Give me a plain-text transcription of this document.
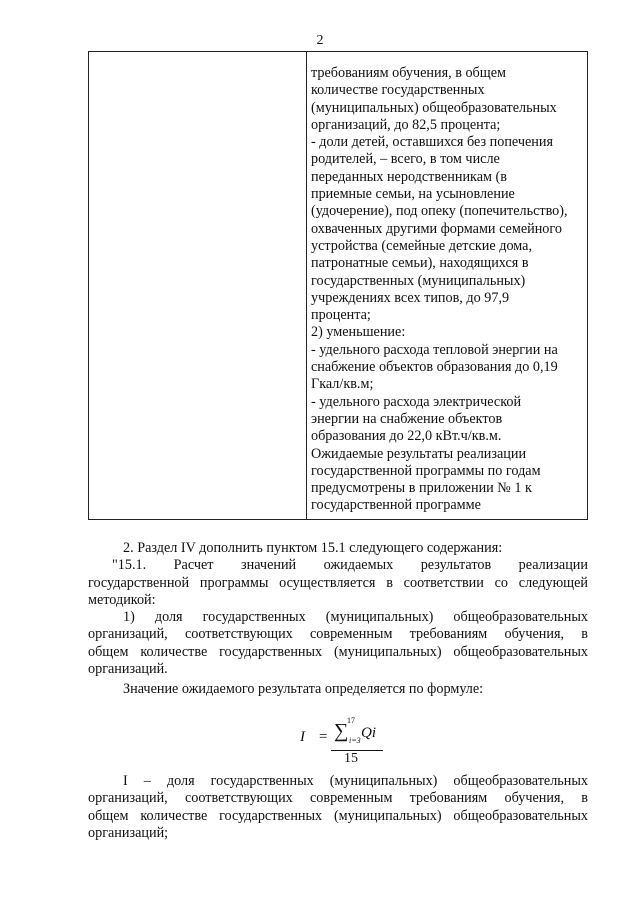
2
требованиям обучения, в общем
количестве государственных
(муниципальных) общеобразовательных
организаций, до 82,5 процента;
- доли детей, оставшихся без попечения
родителей, – всего, в том числе
переданных неродственникам (в
приемные семьи, на усыновление
(удочерение), под опеку (попечительство),
охваченных другими формами семейного
устройства (семейные детские дома,
патронатные семьи), находящихся в
государственных (муниципальных)
учреждениях всех типов, до 97,9
процента;
2) уменьшение:
- удельного расхода тепловой энергии на
снабжение объектов образования до 0,19
Гкал/кв.м;
- удельного расхода электрической
энергии на снабжение объектов
образования до 22,0 кВт.ч/кв.м.
Ожидаемые результаты реализации
государственной программы по годам
предусмотрены в приложении № 1 к
государственной программе
2. Раздел IV дополнить пунктом 15.1 следующего содержания:
"15.1. Расчет значений ожидаемых результатов реализации
государственной программы осуществляется в соответствии со следующей
методикой:
1) доля государственных (муниципальных) общеобразовательных
организаций, соответствующих современным требованиям обучения, в
общем количестве государственных (муниципальных) общеобразовательных
организаций.
Значение ожидаемого результата определяется по формуле:
I = ∑
17
i=3 Qi
15
I – доля государственных (муниципальных) общеобразовательных
организаций, соответствующих современным требованиям обучения, в
общем количестве государственных (муниципальных) общеобразовательных
организаций;
